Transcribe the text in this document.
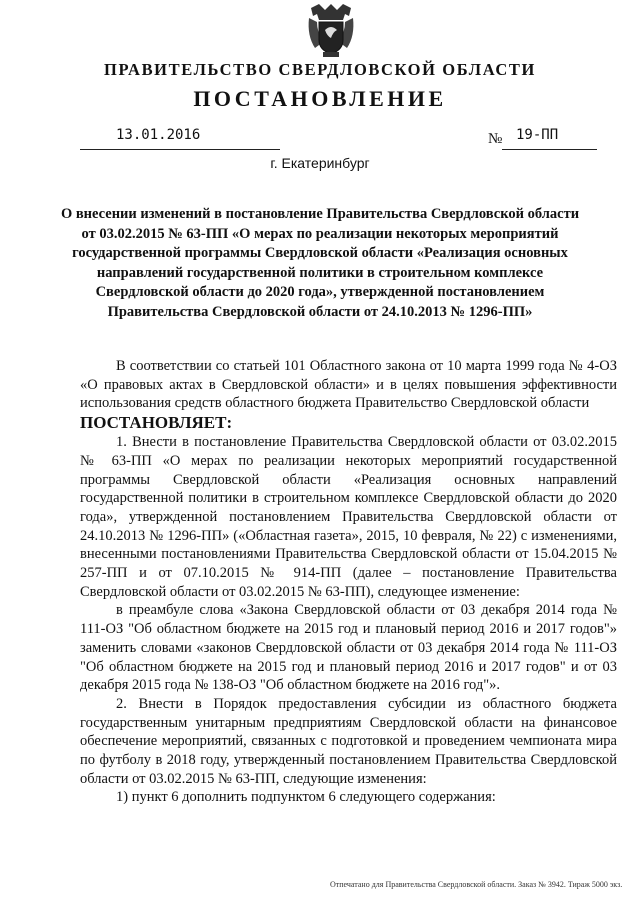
ПРАВИТЕЛЬСТВО СВЕРДЛОВСКОЙ ОБЛАСТИ
ПОСТАНОВЛЕНИЕ
13.01.2016	№ 19-ПП
г. Екатеринбург
О внесении изменений в постановление Правительства Свердловской области от 03.02.2015 № 63-ПП «О мерах по реализации некоторых мероприятий государственной программы Свердловской области «Реализация основных направлений государственной политики в строительном комплексе Свердловской области до 2020 года», утвержденной постановлением Правительства Свердловской области от 24.10.2013 № 1296-ПП»

В соответствии со статьей 101 Областного закона от 10 марта 1999 года № 4-ОЗ «О правовых актах в Свердловской области» и в целях повышения эффективности использования средств областного бюджета Правительство Свердловской области

ПОСТАНОВЛЯЕТ:

1. Внести в постановление Правительства Свердловской области от 03.02.2015 № 63-ПП «О мерах по реализации некоторых мероприятий государственной программы Свердловской области «Реализация основных направлений государственной политики в строительном комплексе Свердловской области до 2020 года», утвержденной постановлением Правительства Свердловской области от 24.10.2013 № 1296-ПП» («Областная газета», 2015, 10 февраля, № 22) с изменениями, внесенными постановлениями Правительства Свердловской области от 15.04.2015 № 257-ПП и от 07.10.2015 № 914-ПП (далее – постановление Правительства Свердловской области от 03.02.2015 № 63-ПП), следующее изменение:

в преамбуле слова «Закона Свердловской области от 03 декабря 2014 года № 111-ОЗ "Об областном бюджете на 2015 год и плановый период 2016 и 2017 годов"» заменить словами «законов Свердловской области от 03 декабря 2014 года № 111-ОЗ "Об областном бюджете на 2015 год и плановый период 2016 и 2017 годов" и от 03 декабря 2015 года № 138-ОЗ "Об областном бюджете на 2016 год"».

2. Внести в Порядок предоставления субсидии из областного бюджета государственным унитарным предприятиям Свердловской области на финансовое обеспечение мероприятий, связанных с подготовкой и проведением чемпионата мира по футболу в 2018 году, утвержденный постановлением Правительства Свердловской области от 03.02.2015 № 63-ПП, следующие изменения:

1) пункт 6 дополнить подпунктом 6 следующего содержания:

Отпечатано для Правительства Свердловской области. Заказ № 3942. Тираж 5000 экз.
